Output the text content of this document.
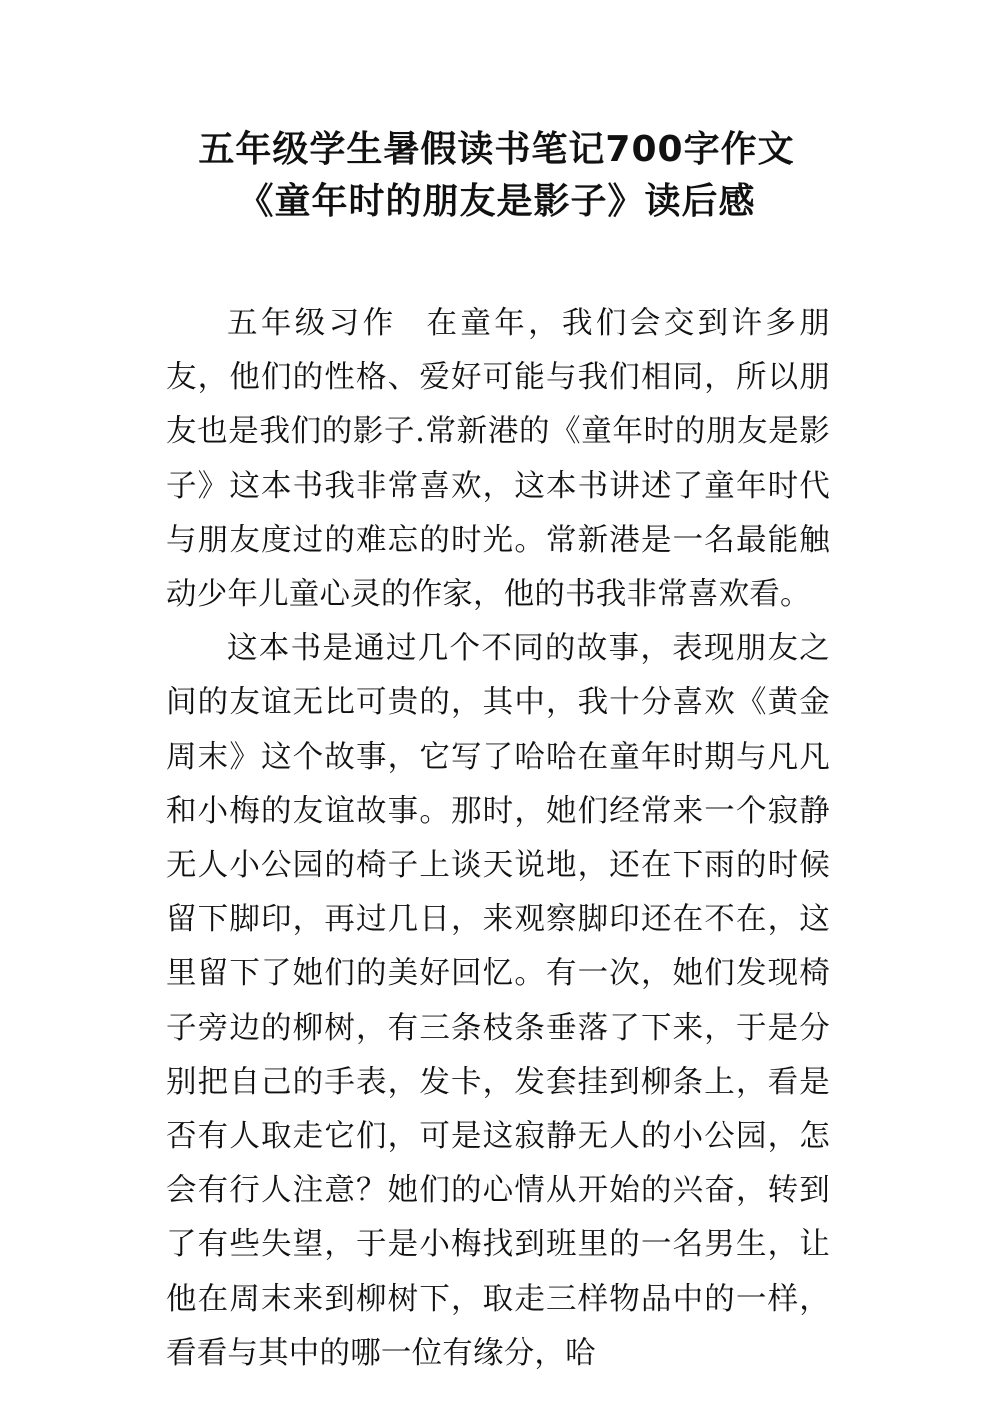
五年级学生暑假读书笔记700字作文
《童年时的朋友是影子》读后感

五年级习作 在童年，我们会交到许多朋友，他们的性格、爱好可能与我们相同，所以朋友也是我们的影子.常新港的《童年时的朋友是影子》这本书我非常喜欢，这本书讲述了童年时代与朋友度过的难忘的时光。常新港是一名最能触动少年儿童心灵的作家，他的书我非常喜欢看。

这本书是通过几个不同的故事，表现朋友之间的友谊无比可贵的，其中，我十分喜欢《黄金周末》这个故事，它写了哈哈在童年时期与凡凡和小梅的友谊故事。那时，她们经常来一个寂静无人小公园的椅子上谈天说地，还在下雨的时候留下脚印，再过几日，来观察脚印还在不在，这里留下了她们的美好回忆。有一次，她们发现椅子旁边的柳树，有三条枝条垂落了下来，于是分别把自己的手表，发卡，发套挂到柳条上，看是否有人取走它们，可是这寂静无人的小公园，怎会有行人注意？她们的心情从开始的兴奋，转到了有些失望，于是小梅找到班里的一名男生，让他在周末来到柳树下，取走三样物品中的一样，看看与其中的哪一位有缘分，哈
